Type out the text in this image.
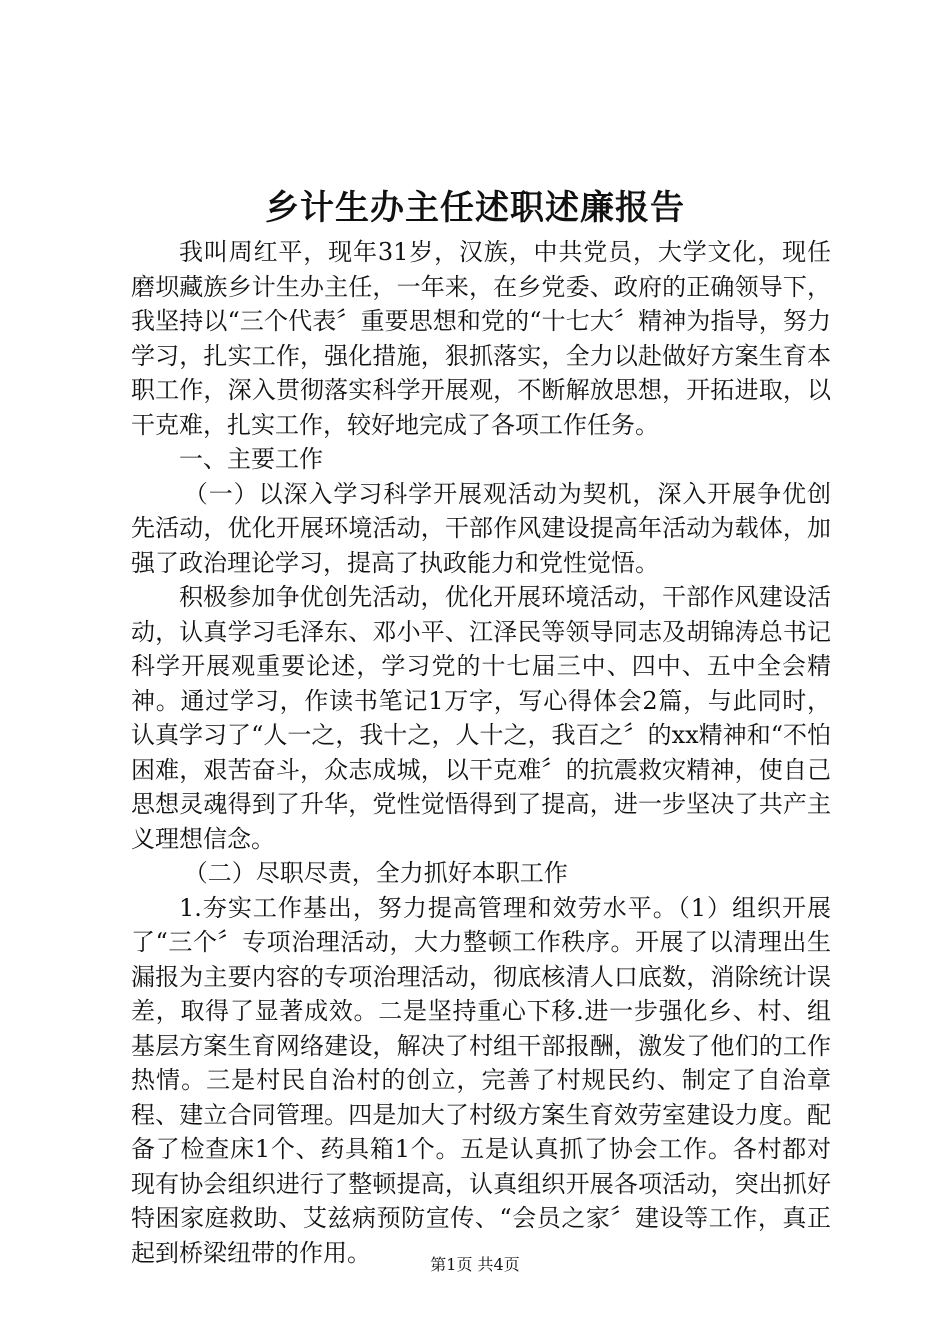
乡计生办主任述职述廉报告

我叫周红平，现年31岁，汉族，中共党员，大学文化，现任磨坝藏族乡计生办主任，一年来，在乡党委、政府的正确领导下，我坚持以“三个代表〞重要思想和党的“十七大〞精神为指导，努力学习，扎实工作，强化措施，狠抓落实，全力以赴做好方案生育本职工作，深入贯彻落实科学开展观，不断解放思想，开拓进取，以干克难，扎实工作，较好地完成了各项工作任务。

一、主要工作

（一）以深入学习科学开展观活动为契机，深入开展争优创先活动，优化开展环境活动，干部作风建设提高年活动为载体，加强了政治理论学习，提高了执政能力和党性觉悟。

积极参加争优创先活动，优化开展环境活动，干部作风建设活动，认真学习毛泽东、邓小平、江泽民等领导同志及胡锦涛总书记科学开展观重要论述，学习党的十七届三中、四中、五中全会精神。通过学习，作读书笔记1万字，写心得体会2篇，与此同时，认真学习了“人一之，我十之，人十之，我百之〞的xx精神和“不怕困难，艰苦奋斗，众志成城，以干克难〞的抗震救灾精神，使自己思想灵魂得到了升华，党性觉悟得到了提高，进一步坚决了共产主义理想信念。

（二）尽职尽责，全力抓好本职工作

1.夯实工作基出，努力提高管理和效劳水平。（1）组织开展了“三个〞专项治理活动，大力整顿工作秩序。开展了以清理出生漏报为主要内容的专项治理活动，彻底核清人口底数，消除统计误差，取得了显著成效。二是坚持重心下移.进一步强化乡、村、组基层方案生育网络建设，解决了村组干部报酬，激发了他们的工作热情。三是村民自治村的创立，完善了村规民约、制定了自治章程、建立合同管理。四是加大了村级方案生育效劳室建设力度。配备了检查床1个、药具箱1个。五是认真抓了协会工作。各村都对现有协会组织进行了整顿提高，认真组织开展各项活动，突出抓好特困家庭救助、艾兹病预防宣传、“会员之家〞建设等工作，真正起到桥梁纽带的作用。	第1页 共4页
